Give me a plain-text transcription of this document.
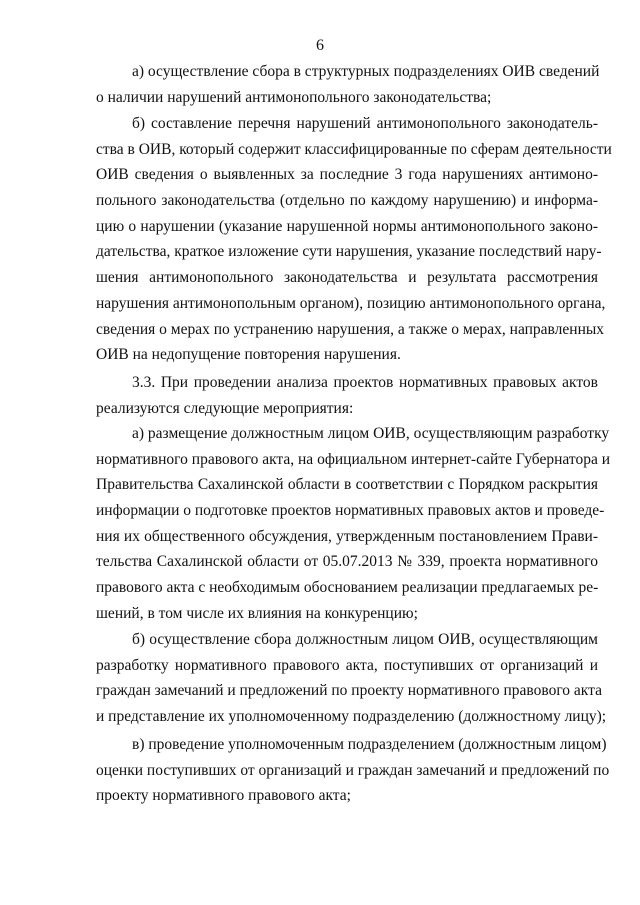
6
а) осуществление сбора в структурных подразделениях ОИВ сведений
о наличии нарушений антимонопольного законодательства;
б) составление перечня нарушений антимонопольного законодатель-
ства в ОИВ, который содержит классифицированные по сферам деятельности
ОИВ сведения о выявленных за последние 3 года нарушениях антимоно-
польного законодательства (отдельно по каждому нарушению) и информа-
цию о нарушении (указание нарушенной нормы антимонопольного законо-
дательства, краткое изложение сути нарушения, указание последствий нару-
шения антимонопольного законодательства и результата рассмотрения
нарушения антимонопольным органом), позицию антимонопольного органа,
сведения о мерах по устранению нарушения, а также о мерах, направленных
ОИВ на недопущение повторения нарушения.
3.3. При проведении анализа проектов нормативных правовых актов
реализуются следующие мероприятия:
а) размещение должностным лицом ОИВ, осуществляющим разработку
нормативного правового акта, на официальном интернет-сайте Губернатора и
Правительства Сахалинской области в соответствии с Порядком раскрытия
информации о подготовке проектов нормативных правовых актов и проведе-
ния их общественного обсуждения, утвержденным постановлением Прави-
тельства Сахалинской области от 05.07.2013 № 339, проекта нормативного
правового акта с необходимым обоснованием реализации предлагаемых ре-
шений, в том числе их влияния на конкуренцию;
б) осуществление сбора должностным лицом ОИВ, осуществляющим
разработку нормативного правового акта, поступивших от организаций и
граждан замечаний и предложений по проекту нормативного правового акта
и представление их уполномоченному подразделению (должностному лицу);
в) проведение уполномоченным подразделением (должностным лицом)
оценки поступивших от организаций и граждан замечаний и предложений по
проекту нормативного правового акта;
